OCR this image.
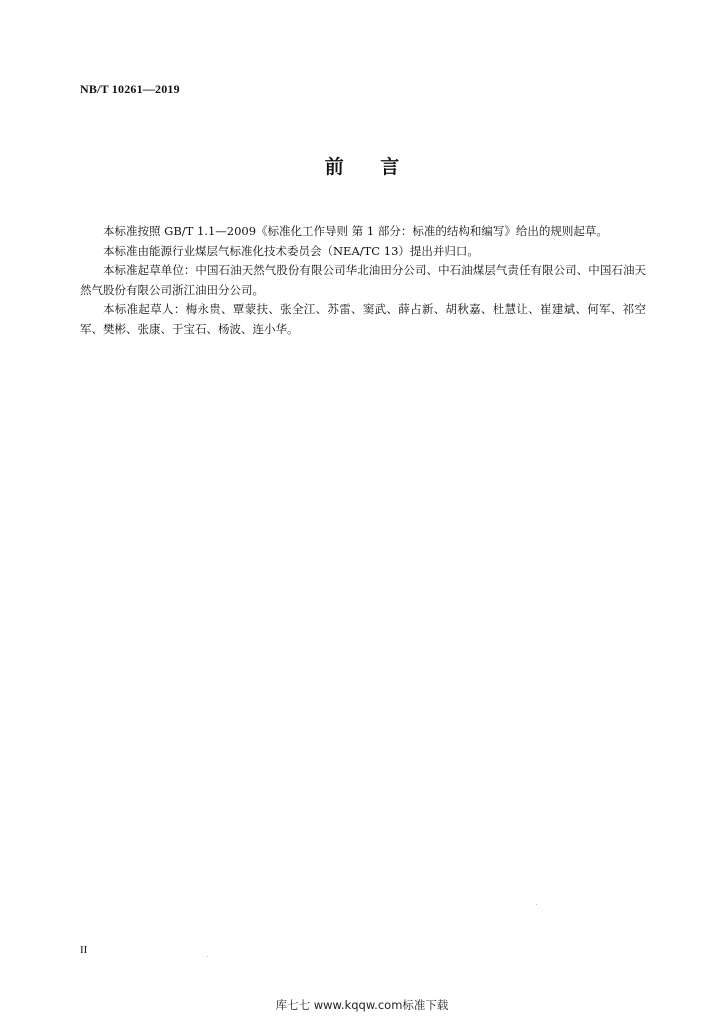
NB/T 10261—2019
前 言

本标准按照 GB/T 1.1—2009《标准化工作导则 第 1 部分：标准的结构和编写》给出的规则起草。

本标准由能源行业煤层气标准化技术委员会（NEA/TC 13）提出并归口。

本标准起草单位：中国石油天然气股份有限公司华北油田分公司、中石油煤层气责任有限公司、中国石油天然气股份有限公司浙江油田分公司。

本标准起草人：梅永贵、覃蒙扶、张全江、苏雷、窦武、薛占新、胡秋嘉、杜慧让、崔建斌、何军、祁空军、樊彬、张康、于宝石、杨波、连小华。

II
库七七 www.kqqw.com标准下载
